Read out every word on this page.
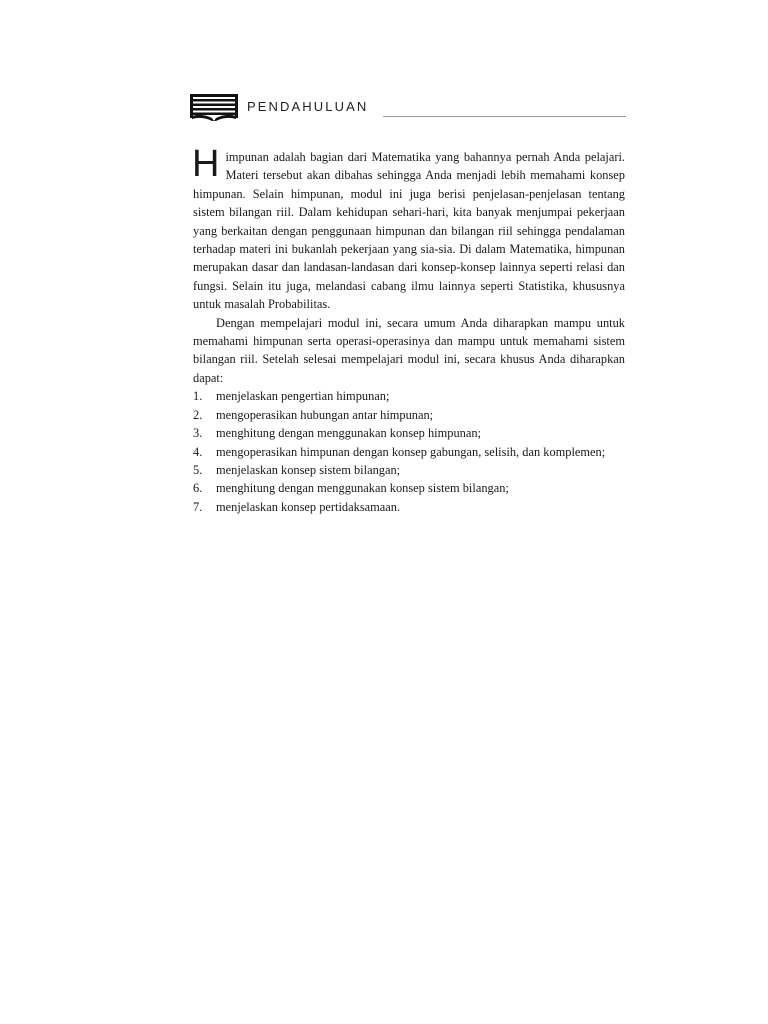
PENDAHULUAN

Himpunan adalah bagian dari Matematika yang bahannya pernah Anda pelajari. Materi tersebut akan dibahas sehingga Anda menjadi lebih memahami konsep himpunan. Selain himpunan, modul ini juga berisi penjelasan-penjelasan tentang sistem bilangan riil. Dalam kehidupan sehari-hari, kita banyak menjumpai pekerjaan yang berkaitan dengan penggunaan himpunan dan bilangan riil sehingga pendalaman terhadap materi ini bukanlah pekerjaan yang sia-sia. Di dalam Matematika, himpunan merupakan dasar dan landasan-landasan dari konsep-konsep lainnya seperti relasi dan fungsi. Selain itu juga, melandasi cabang ilmu lainnya seperti Statistika, khususnya untuk masalah Probabilitas.

Dengan mempelajari modul ini, secara umum Anda diharapkan mampu untuk memahami himpunan serta operasi-operasinya dan mampu untuk memahami sistem bilangan riil. Setelah selesai mempelajari modul ini, secara khusus Anda diharapkan dapat:

1. menjelaskan pengertian himpunan;
2. mengoperasikan hubungan antar himpunan;
3. menghitung dengan menggunakan konsep himpunan;
4. mengoperasikan himpunan dengan konsep gabungan, selisih, dan komplemen;
5. menjelaskan konsep sistem bilangan;
6. menghitung dengan menggunakan konsep sistem bilangan;
7. menjelaskan konsep pertidaksamaan.
